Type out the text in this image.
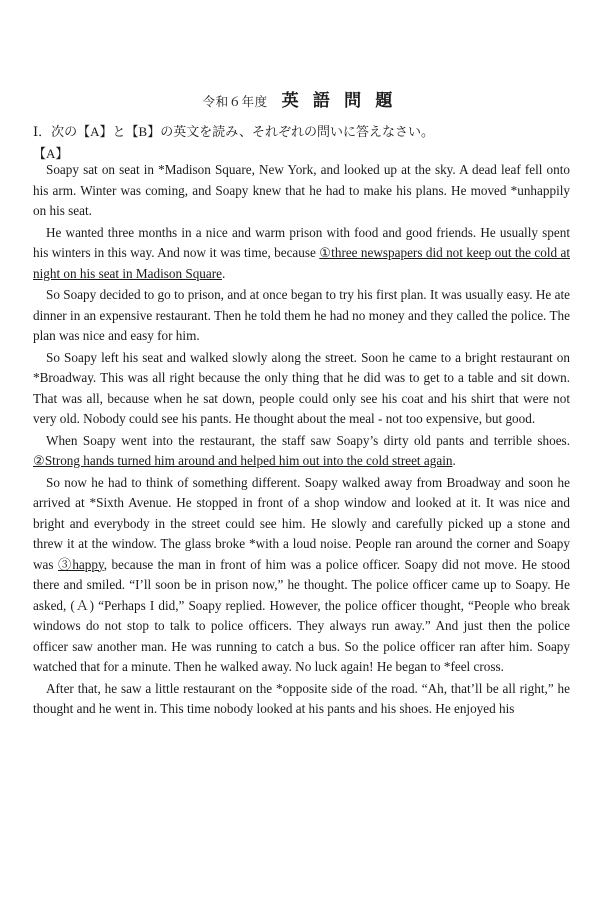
令和６年度 英 語 問 題
Ⅰ．次の【A】と【B】の英文を読み、それぞれの問いに答えなさい。
【A】

Soapy sat on seat in *Madison Square, New York, and looked up at the sky. A dead leaf fell onto his arm. Winter was coming, and Soapy knew that he had to make his plans. He moved *unhappily on his seat.

He wanted three months in a nice and warm prison with food and good friends. He usually spent his winters in this way. And now it was time, because ①three newspapers did not keep out the cold at night on his seat in Madison Square.

So Soapy decided to go to prison, and at once began to try his first plan. It was usually easy. He ate dinner in an expensive restaurant. Then he told them he had no money and they called the police. The plan was nice and easy for him.

So Soapy left his seat and walked slowly along the street. Soon he came to a bright restaurant on *Broadway. This was all right because the only thing that he did was to get to a table and sit down. That was all, because when he sat down, people could only see his coat and his shirt that were not very old. Nobody could see his pants. He thought about the meal - not too expensive, but good.

When Soapy went into the restaurant, the staff saw Soapy’s dirty old pants and terrible shoes. ②Strong hands turned him around and helped him out into the cold street again.

So now he had to think of something different. Soapy walked away from Broadway and soon he arrived at *Sixth Avenue. He stopped in front of a shop window and looked at it. It was nice and bright and everybody in the street could see him. He slowly and carefully picked up a stone and threw it at the window. The glass broke *with a loud noise. People ran around the corner and Soapy was ③happy, because the man in front of him was a police officer. Soapy did not move. He stood there and smiled. “I’ll soon be in prison now,” he thought. The police officer came up to Soapy. He asked, (Ａ) “Perhaps I did,” Soapy replied. However, the police officer thought, “People who break windows do not stop to talk to police officers. They always run away.” And just then the police officer saw another man. He was running to catch a bus. So the police officer ran after him. Soapy watched that for a minute. Then he walked away. No luck again! He began to *feel cross.

After that, he saw a little restaurant on the *opposite side of the road. “Ah, that’ll be all right,” he thought and he went in. This time nobody looked at his pants and his shoes. He enjoyed his
